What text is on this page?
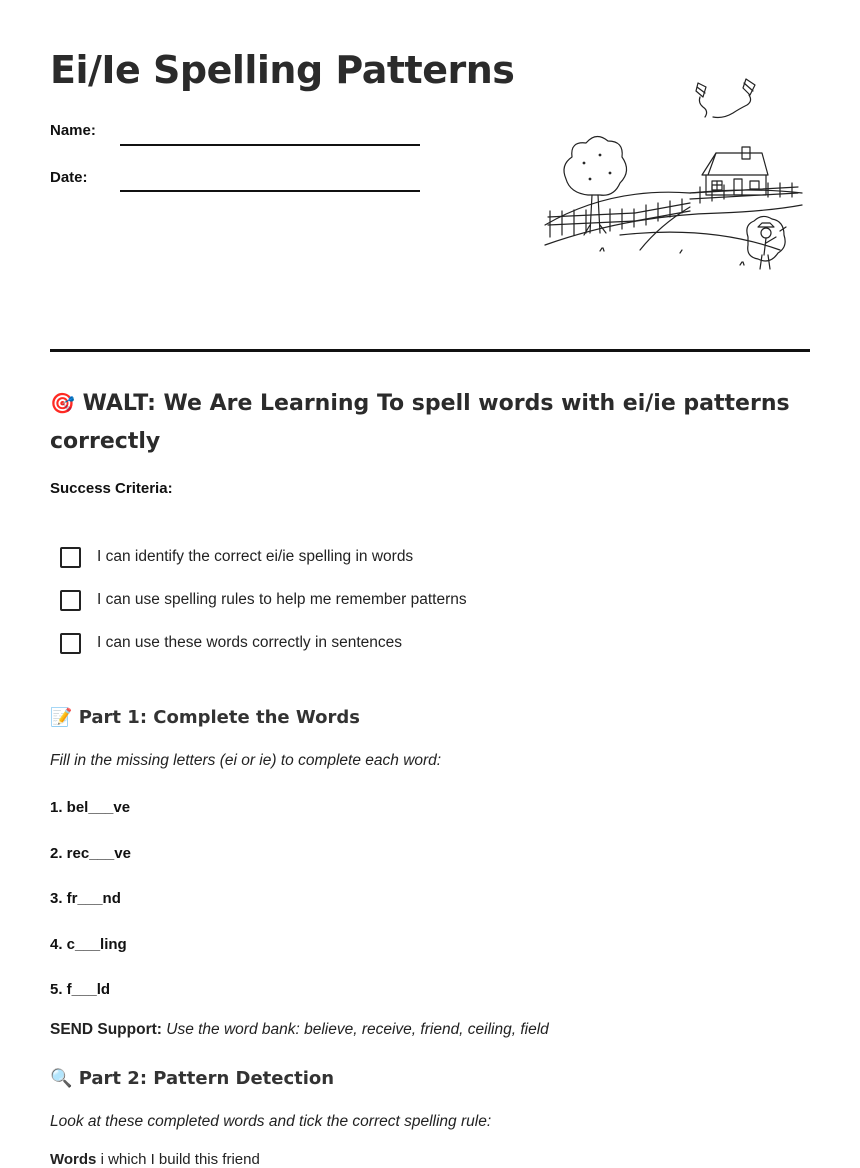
Ei/Ie Spelling Patterns
Name:
Date:
🎯 WALT: We Are Learning To spell words with ei/ie patterns correctly
Success Criteria:
I can identify the correct ei/ie spelling in words
I can use spelling rules to help me remember patterns
I can use these words correctly in sentences
📝 Part 1: Complete the Words
Fill in the missing letters (ei or ie) to complete each word:
1. bel___ve
2. rec___ve
3. fr___nd
4. c___ling
5. f___ld
SEND Support: Use the word bank: believe, receive, friend, ceiling, field
🔍 Part 2: Pattern Detection
Look at these completed words and tick the correct spelling rule:
Words i which I build this friend
